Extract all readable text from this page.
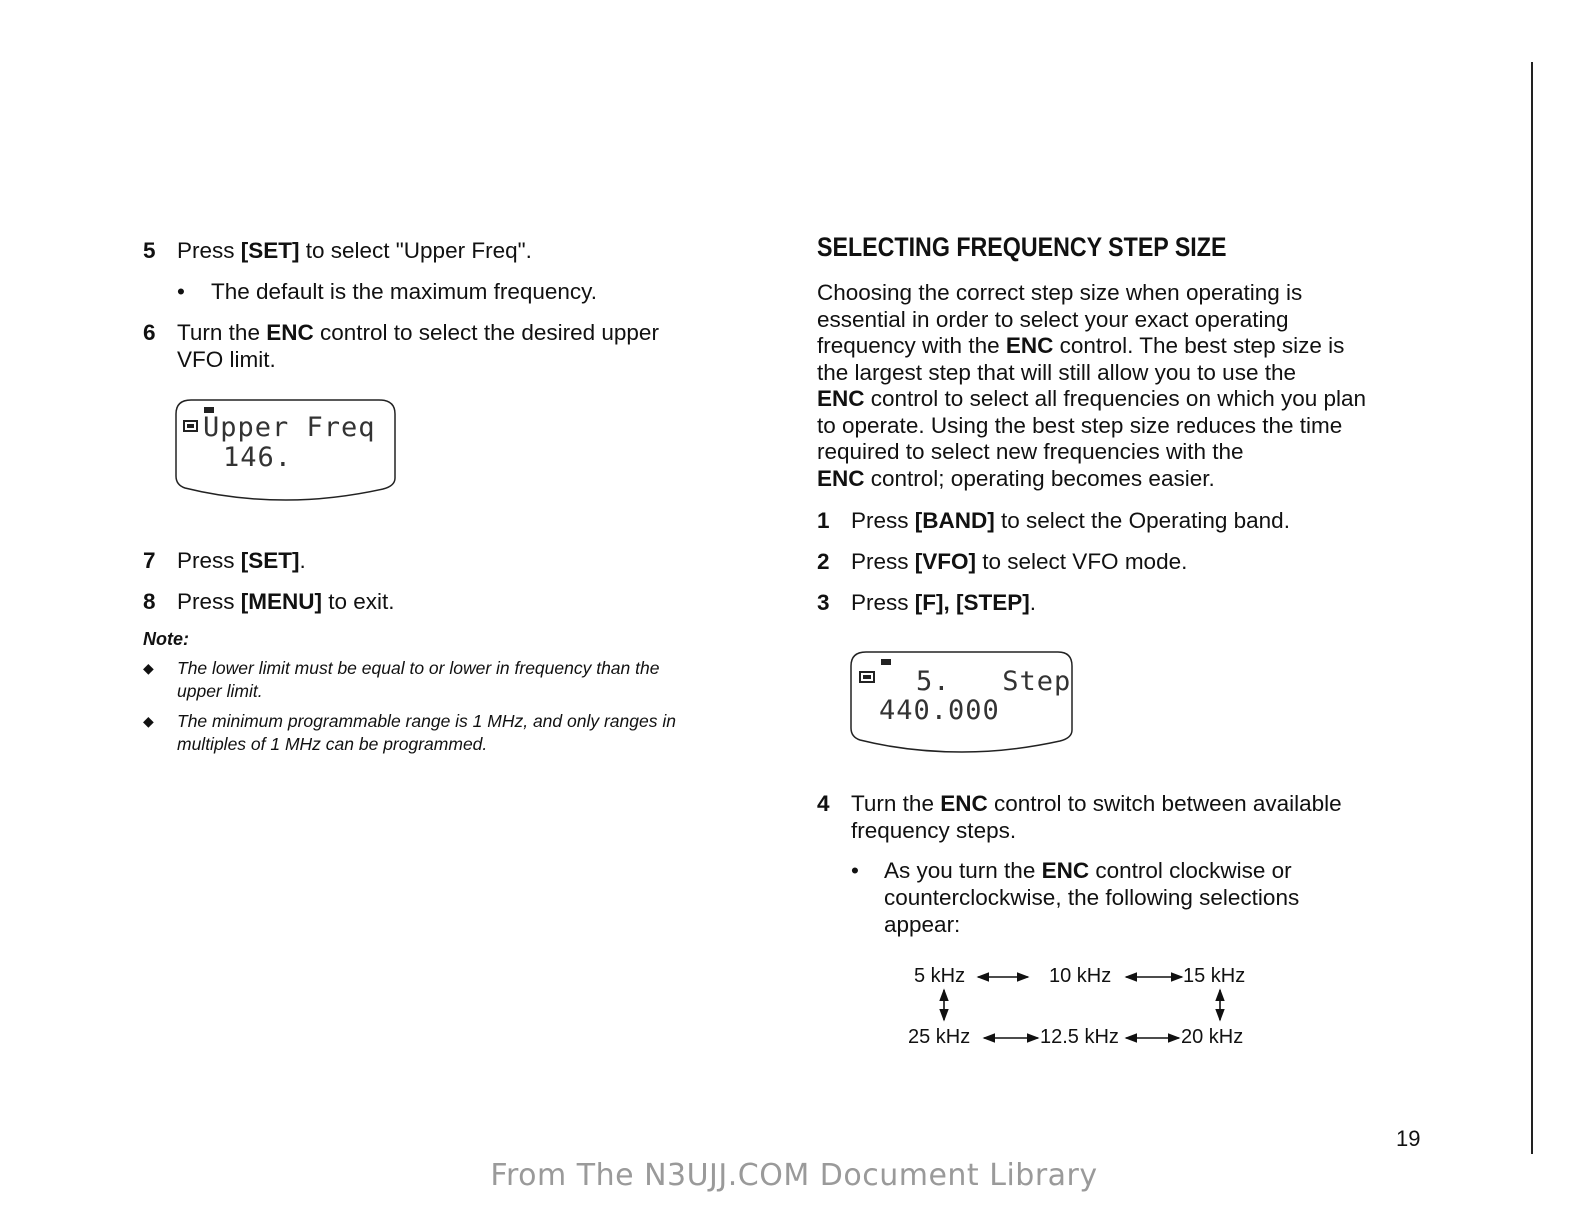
5 Press [SET] to select "Upper Freq".
• The default is the maximum frequency.
6 Turn the ENC control to select the desired upper
VFO limit.
Upper Freq
146.
7 Press [SET].
8 Press [MENU] to exit.
Note:
◆ The lower limit must be equal to or lower in frequency than the
upper limit.
◆ The minimum programmable range is 1 MHz, and only ranges in
multiples of 1 MHz can be programmed.
SELECTING FREQUENCY STEP SIZE
Choosing the correct step size when operating is
essential in order to select your exact operating
frequency with the ENC control. The best step size is
the largest step that will still allow you to use the
ENC control to select all frequencies on which you plan
to operate. Using the best step size reduces the time
required to select new frequencies with the
ENC control; operating becomes easier.
1 Press [BAND] to select the Operating band.
2 Press [VFO] to select VFO mode.
3 Press [F], [STEP].
5.   Step
440.000
4 Turn the ENC control to switch between available
frequency steps.
• As you turn the ENC control clockwise or
counterclockwise, the following selections
appear:
5 kHz	10 kHz	15 kHz
25 kHz	12.5 kHz	20 kHz
19
From The N3UJJ.COM Document Library
